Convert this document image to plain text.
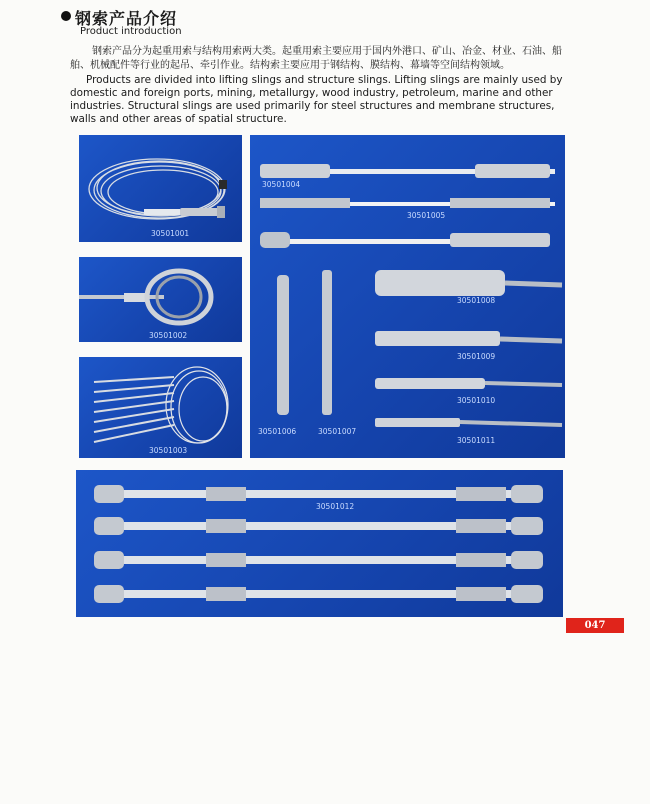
钢索产品介绍
Product introduction
钢索产品分为起重用索与结构用索两大类。起重用索主要应用于国内外港口、矿山、冶金、材业、石油、船舶、机械配件等行业的起吊、牵引作业。结构索主要应用于钢结构、膜结构、幕墙等空间结构领域。
Products are divided into lifting slings and structure slings. Lifting slings are mainly used by domestic and foreign ports, mining, metallurgy, wood industry, petroleum, marine and other industries. Structural slings are used primarily for steel structures and membrane structures, walls and other areas of spatial structure.
30501001
30501002
30501003
30501004
30501005
30501008
30501009
30501010
30501011
30501006	30501007
30501012
047
